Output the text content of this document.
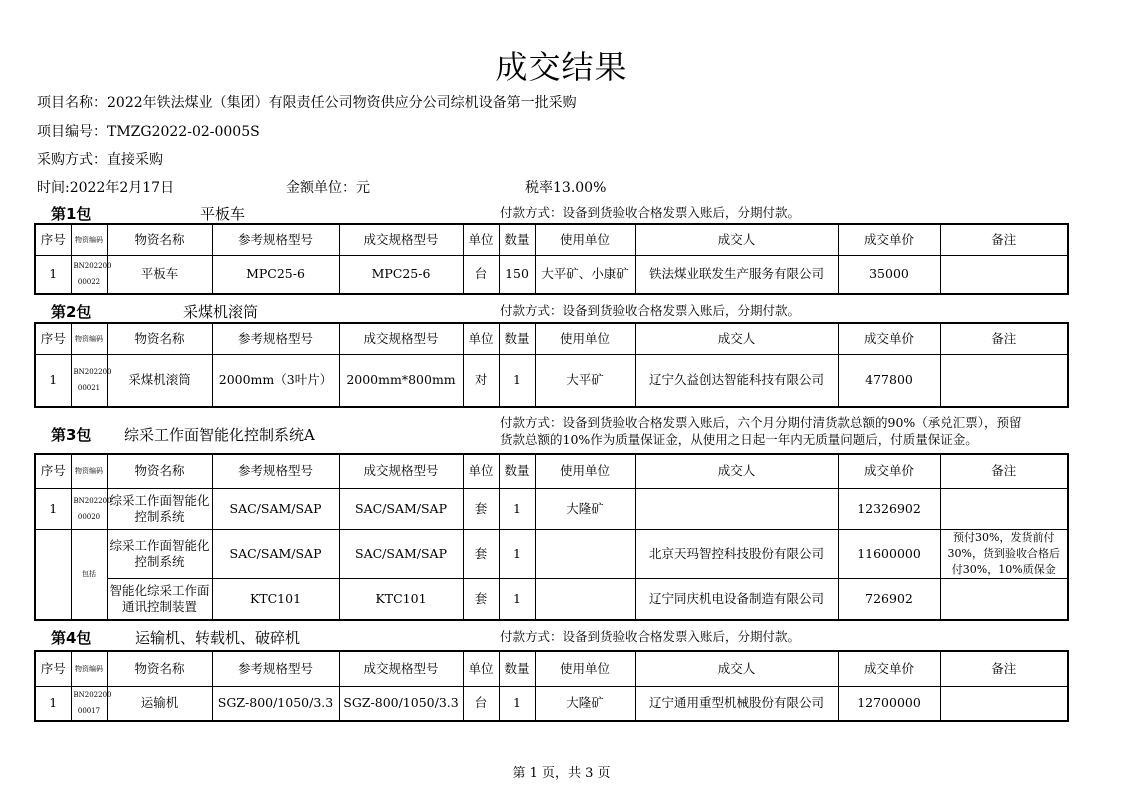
成交结果
项目名称：2022年铁法煤业（集团）有限责任公司物资供应分公司综机设备第一批采购
项目编号：TMZG2022-02-0005S
采购方式：直接采购
时间:2022年2月17日	金额单位：元	税率13.00%
第1包	平板车	付款方式：设备到货验收合格发票入账后，分期付款。
序号	物资编码	物资名称	参考规格型号	成交规格型号	单位	数量	使用单位	成交人	成交单价	备注
1	BN202200 00022	平板车	MPC25-6	MPC25-6	台	150	大平矿、小康矿	铁法煤业联发生产服务有限公司	35000	
第2包	采煤机滚筒	付款方式：设备到货验收合格发票入账后，分期付款。
序号	物资编码	物资名称	参考规格型号	成交规格型号	单位	数量	使用单位	成交人	成交单价	备注
1	BN202200 00021	采煤机滚筒	2000mm（3叶片）	2000mm*800mm	对	1	大平矿	辽宁久益创达智能科技有限公司	477800	
第3包 综采工作面智能化控制系统A
付款方式：设备到货验收合格发票入账后，六个月分期付清货款总额的90%（承兑汇票），预留货款总额的10%作为质量保证金，从使用之日起一年内无质量问题后，付质量保证金。
序号	物资编码	物资名称	参考规格型号	成交规格型号	单位	数量	使用单位	成交人	成交单价	备注
1	BN202200 00020	综采工作面智能化控制系统	SAC/SAM/SAP	SAC/SAM/SAP	套	1	大隆矿		12326902	
	包括	综采工作面智能化控制系统	SAC/SAM/SAP	SAC/SAM/SAP	套	1		北京天玛智控科技股份有限公司	11600000	预付30%，发货前付30%，货到验收合格后付30%，10%质保金
		智能化综采工作面通讯控制装置	KTC101	KTC101	套	1		辽宁同庆机电设备制造有限公司	726902	
第4包	运输机、转载机、破碎机	付款方式：设备到货验收合格发票入账后，分期付款。
序号	物资编码	物资名称	参考规格型号	成交规格型号	单位	数量	使用单位	成交人	成交单价	备注
1	BN202200 00017	运输机	SGZ-800/1050/3.3	SGZ-800/1050/3.3	台	1	大隆矿	辽宁通用重型机械股份有限公司	12700000	
第 1 页，共 3 页
